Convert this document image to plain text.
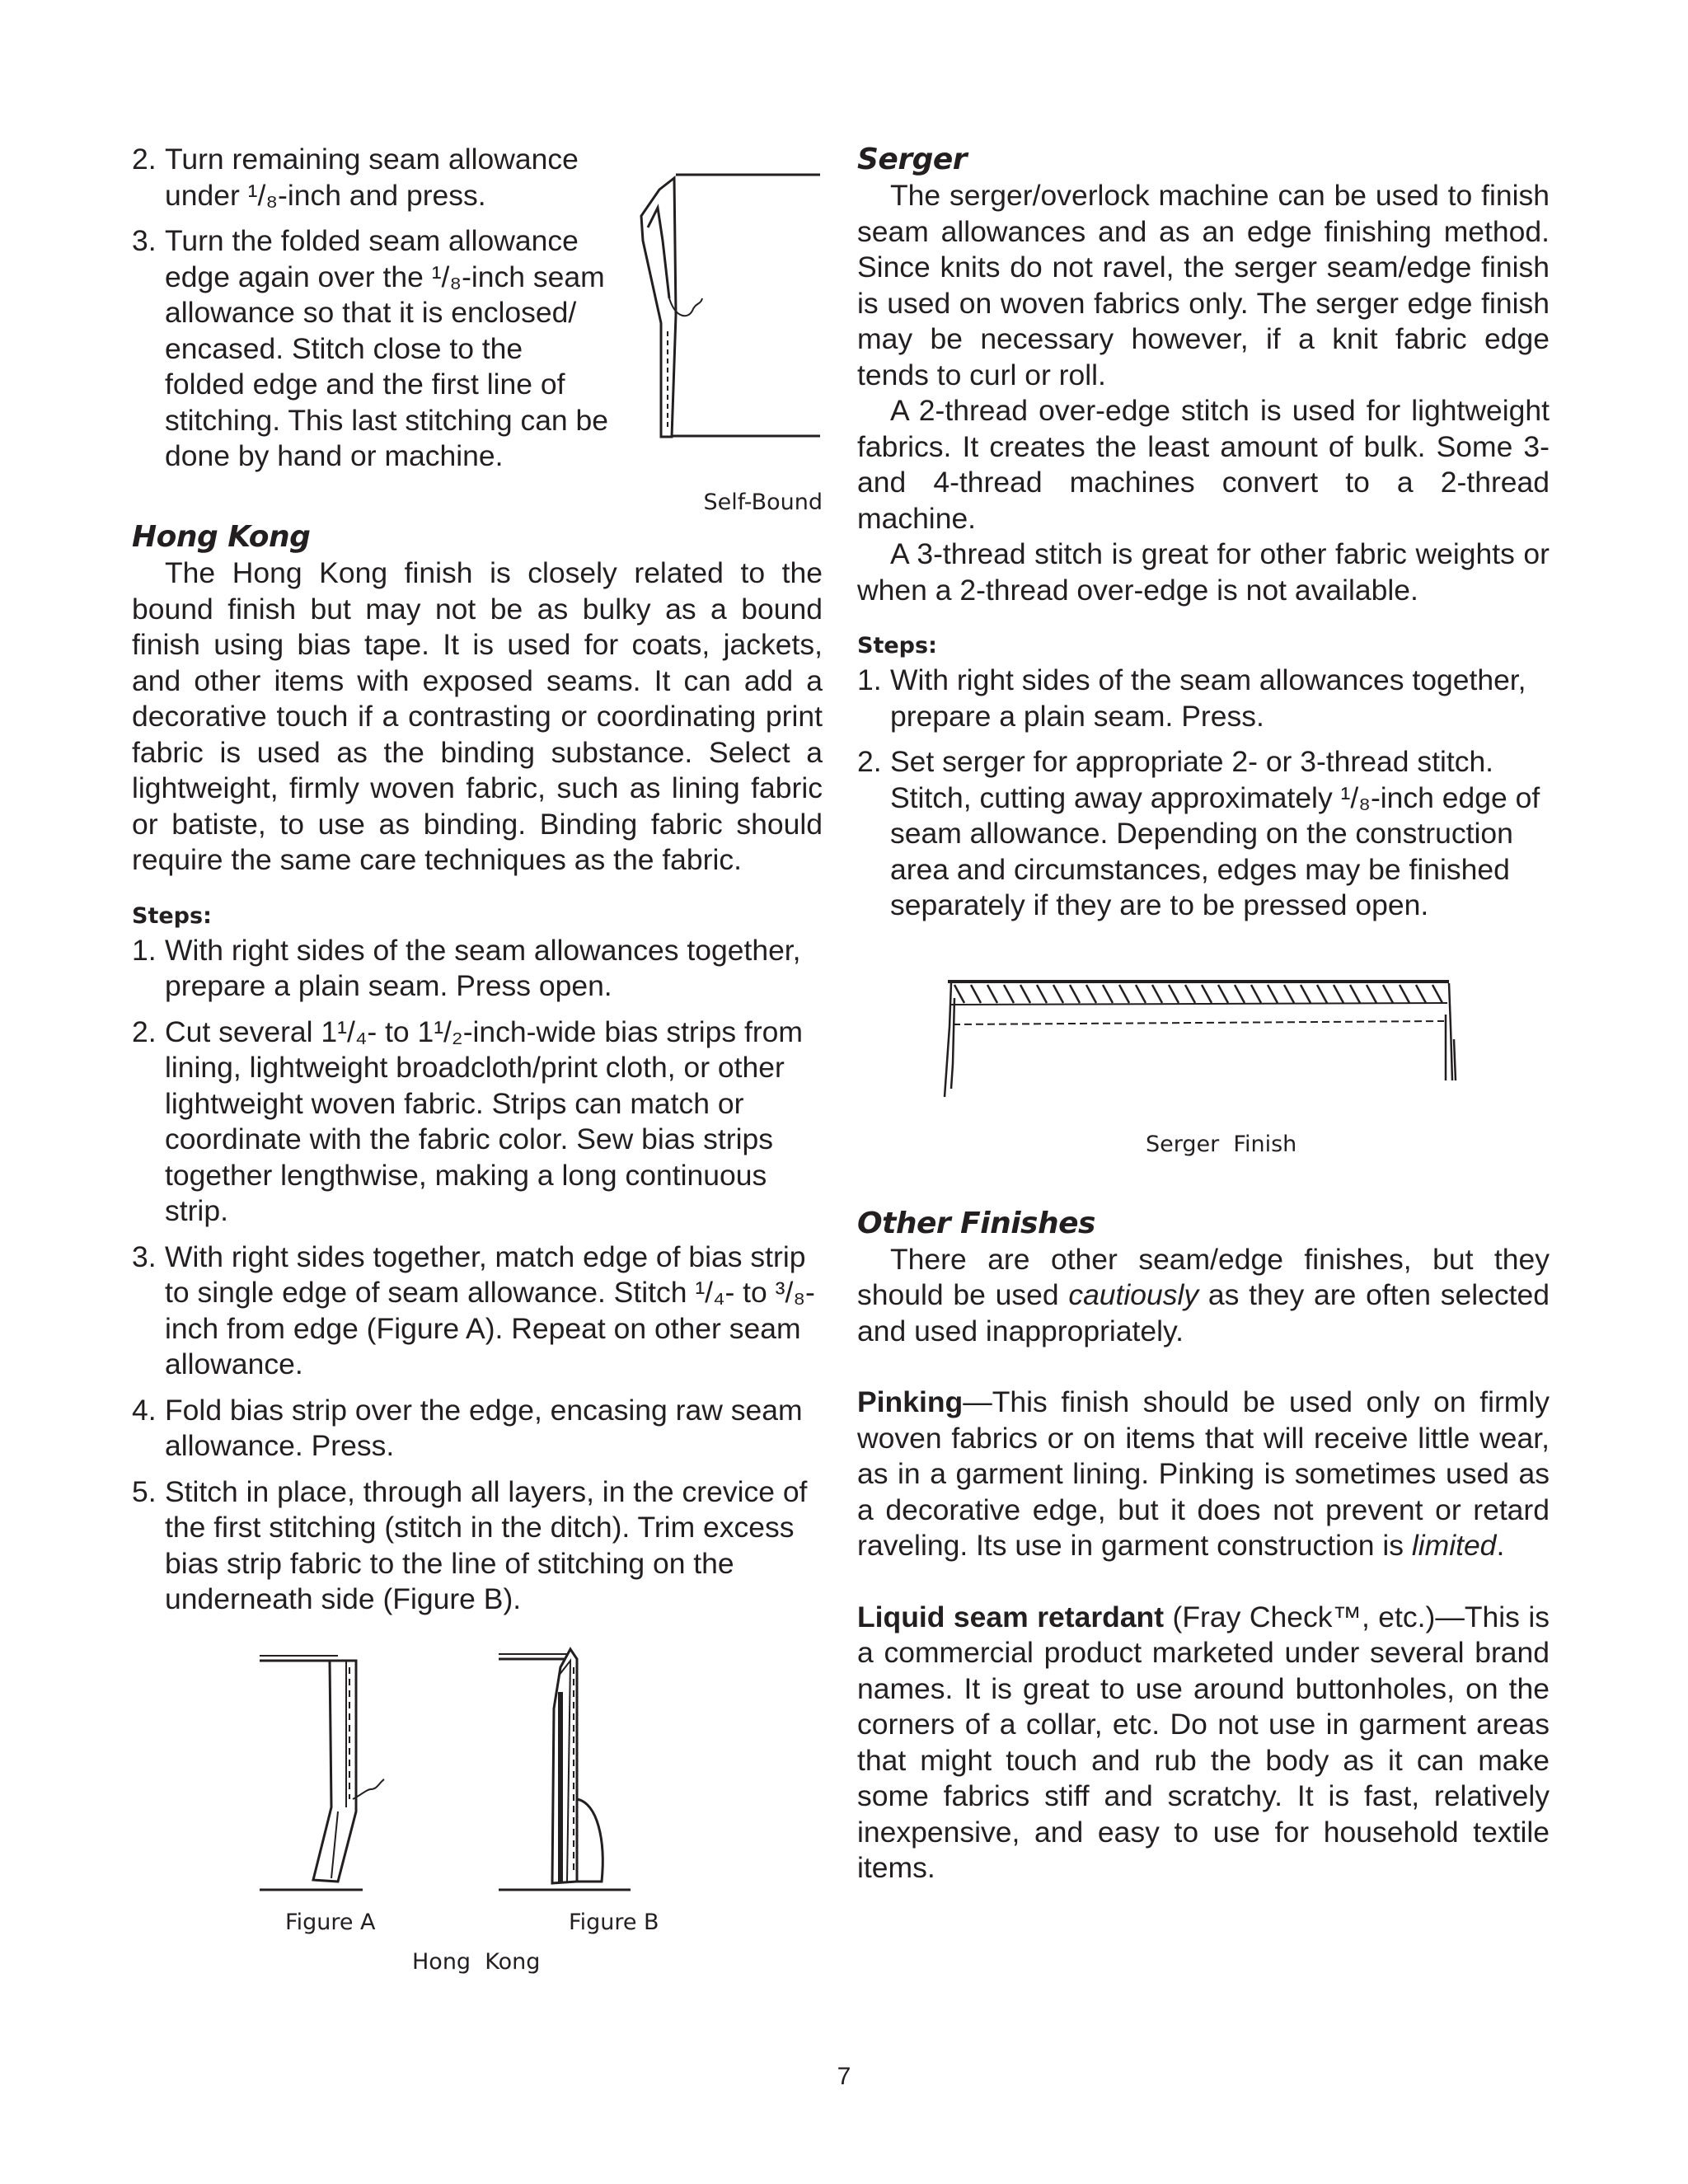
2. Turn remaining seam allowance under ¹/₈-inch and press.
3. Turn the folded seam allowance edge again over the ¹/₈-inch seam allowance so that it is enclosed/ encased. Stitch close to the folded edge and the first line of stitching. This last stitching can be done by hand or machine.
Self-Bound
Hong Kong

The Hong Kong finish is closely related to the bound finish but may not be as bulky as a bound finish using bias tape. It is used for coats, jackets, and other items with exposed seams. It can add a decorative touch if a contrasting or coordinating print fabric is used as the binding substance. Select a lightweight, firmly woven fabric, such as lining fabric or batiste, to use as binding. Binding fabric should require the same care techniques as the fabric.

Steps:
1. With right sides of the seam allowances together, prepare a plain seam. Press open.
2. Cut several 1¹/₄- to 1¹/₂-inch-wide bias strips from lining, lightweight broadcloth/print cloth, or other lightweight woven fabric. Strips can match or coordinate with the fabric color. Sew bias strips together lengthwise, making a long continuous strip.
3. With right sides together, match edge of bias strip to single edge of seam allowance. Stitch ¹/₄- to ³/₈-inch from edge (Figure A). Repeat on other seam allowance.
4. Fold bias strip over the edge, encasing raw seam allowance. Press.
5. Stitch in place, through all layers, in the crevice of the first stitching (stitch in the ditch). Trim excess bias strip fabric to the line of stitching on the underneath side (Figure B).
Figure A	Figure B
Hong  Kong
Serger

The serger/overlock machine can be used to finish seam allowances and as an edge finishing method. Since knits do not ravel, the serger seam/edge finish is used on woven fabrics only. The serger edge finish may be necessary however, if a knit fabric edge tends to curl or roll.

A 2-thread over-edge stitch is used for lightweight fabrics. It creates the least amount of bulk. Some 3- and 4-thread machines convert to a 2-thread machine.

A 3-thread stitch is great for other fabric weights or when a 2-thread over-edge is not available.

Steps:
1. With right sides of the seam allowances together, prepare a plain seam. Press.
2. Set serger for appropriate 2- or 3-thread stitch. Stitch, cutting away approximately ¹/₈-inch edge of seam allowance. Depending on the construction area and circumstances, edges may be finished separately if they are to be pressed open.
Serger  Finish
Other Finishes

There are other seam/edge finishes, but they should be used cautiously as they are often selected and used inappropriately.

Pinking—This finish should be used only on firmly woven fabrics or on items that will receive little wear, as in a garment lining. Pinking is sometimes used as a decorative edge, but it does not prevent or retard raveling. Its use in garment construction is limited.

Liquid seam retardant (Fray Check™, etc.)—This is a commercial product marketed under several brand names. It is great to use around buttonholes, on the corners of a collar, etc. Do not use in garment areas that might touch and rub the body as it can make some fabrics stiff and scratchy. It is fast, relatively inexpensive, and easy to use for household textile items.

7
